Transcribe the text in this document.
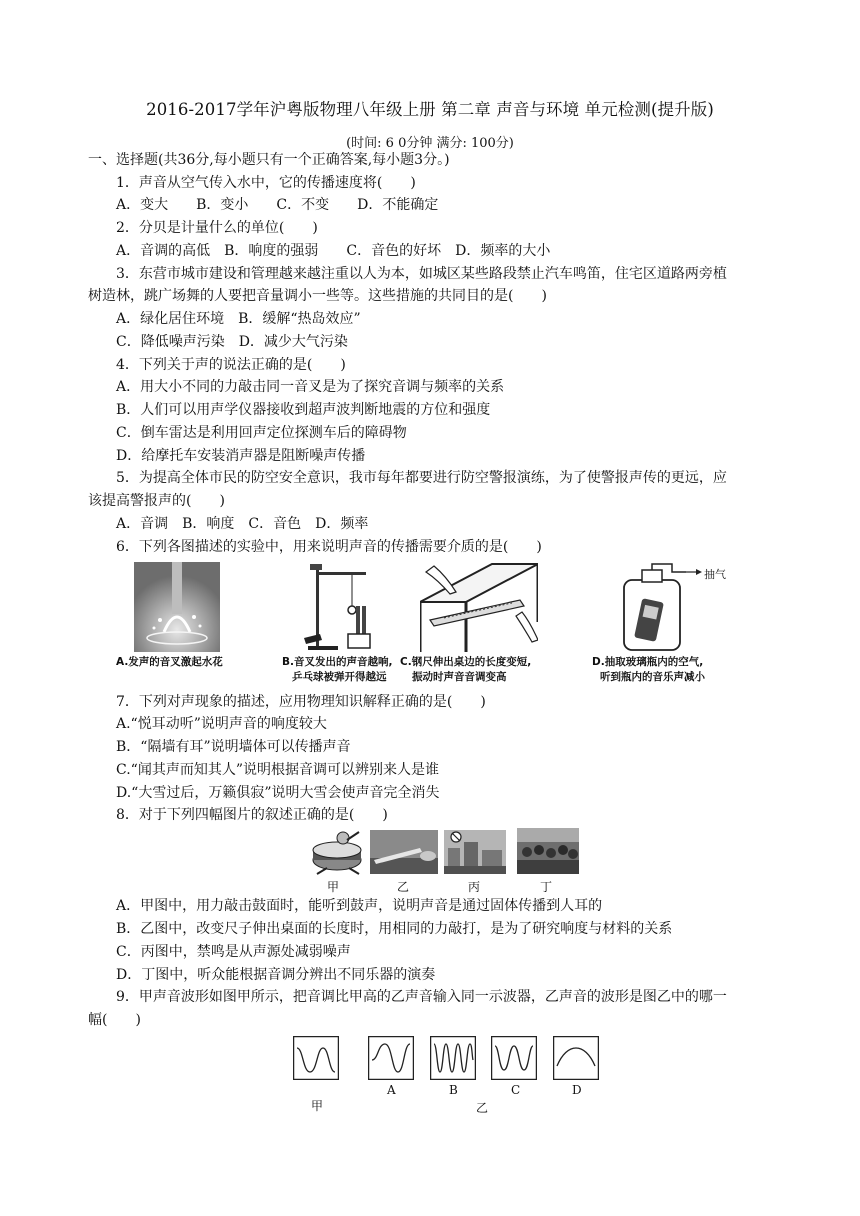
2016-2017学年沪粤版物理八年级上册 第二章 声音与环境 单元检测(提升版)
(时间: 6 0分钟 满分: 100分)
一、选择题(共36分,每小题只有一个正确答案,每小题3分。)
1．声音从空气传入水中，它的传播速度将(　　)
A．变大　　B．变小　　C．不变　　D．不能确定
2．分贝是计量什么的单位(　　)
A．音调的高低　B．响度的强弱　　C．音色的好坏　D．频率的大小
3．东营市城市建设和管理越来越注重以人为本，如城区某些路段禁止汽车鸣笛，住宅区道路两旁植
树造林，跳广场舞的人要把音量调小一些等。这些措施的共同目的是(　　)
A．绿化居住环境　B．缓解“热岛效应”
C．降低噪声污染　D．减少大气污染
4．下列关于声的说法正确的是(　　)
A．用大小不同的力敲击同一音叉是为了探究音调与频率的关系
B．人们可以用声学仪器接收到超声波判断地震的方位和强度
C．倒车雷达是利用回声定位探测车后的障碍物
D．给摩托车安装消声器是阻断噪声传播
5．为提高全体市民的防空安全意识，我市每年都要进行防空警报演练，为了使警报声传的更远，应
该提高警报声的(　　)
A．音调　B．响度　C．音色　D．频率
6．下列各图描述的实验中，用来说明声音的传播需要介质的是(　　)
A.发声的音叉激起水花	B.音叉发出的声音越响,
乒乓球被弹开得越远
C.钢尺伸出桌边的长度变短,
振动时声音音调变高
抽气
D.抽取玻璃瓶内的空气,
听到瓶内的音乐声减小
7．下列对声现象的描述，应用物理知识解释正确的是(　　)
A.“悦耳动听”说明声音的响度较大
B．“隔墙有耳”说明墙体可以传播声音
C.“闻其声而知其人”说明根据音调可以辨别来人是谁
D.“大雪过后，万籁俱寂”说明大雪会使声音完全消失
8．对于下列四幅图片的叙述正确的是(　　)
甲	乙	丙	丁
A．甲图中，用力敲击鼓面时，能听到鼓声，说明声音是通过固体传播到人耳的
B．乙图中，改变尺子伸出桌面的长度时，用相同的力敲打，是为了研究响度与材料的关系
C．丙图中，禁鸣是从声源处减弱噪声
D．丁图中，听众能根据音调分辨出不同乐器的演奏
9．甲声音波形如图甲所示，把音调比甲高的乙声音输入同一示波器，乙声音的波形是图乙中的哪一
幅(　　)
A	B	C	D
甲	乙
